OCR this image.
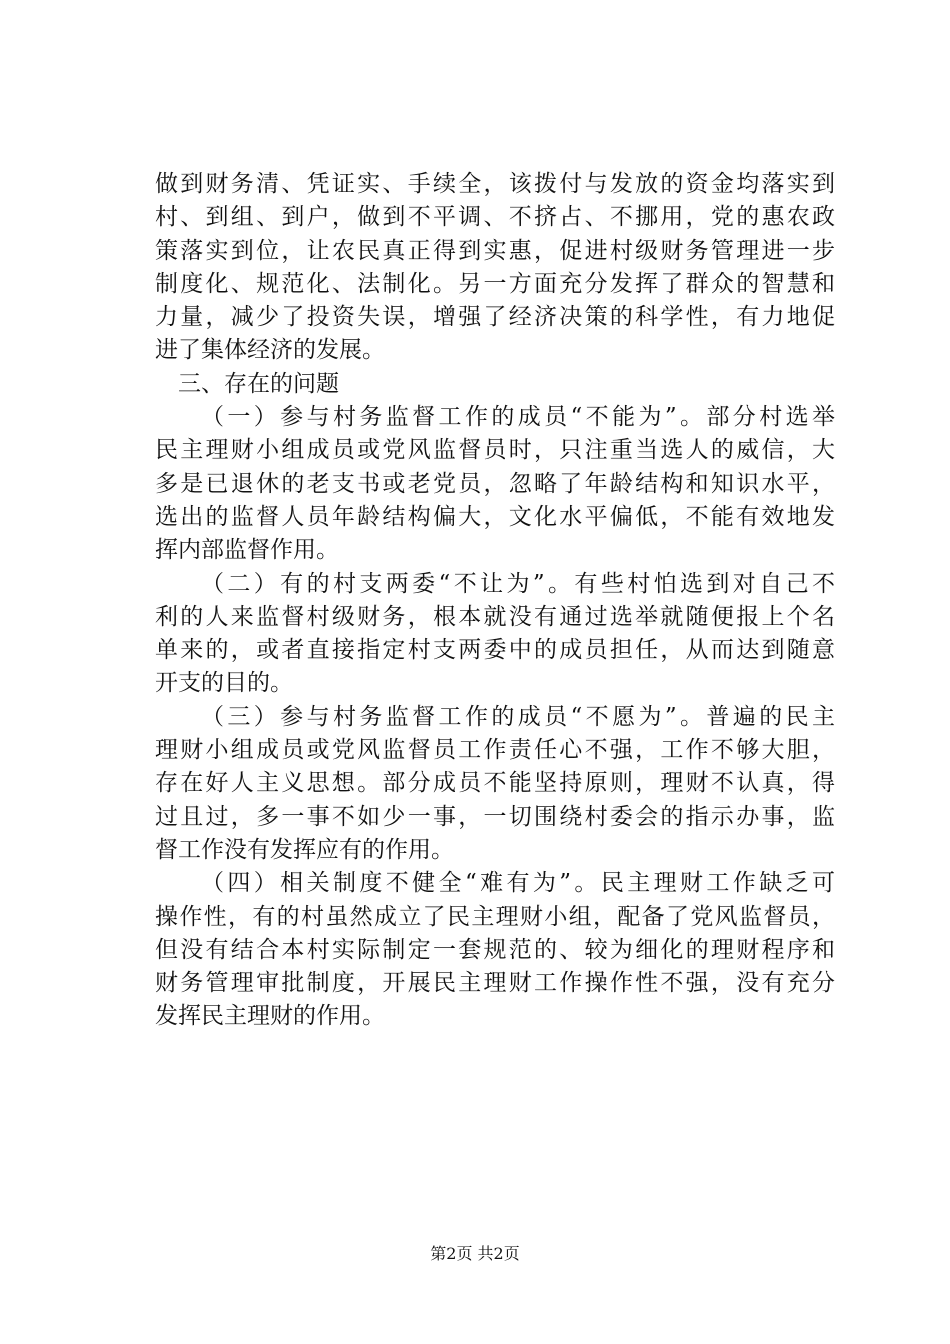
做到财务清、凭证实、手续全，该拨付与发放的资金均落实到
村、到组、到户，做到不平调、不挤占、不挪用，党的惠农政
策落实到位，让农民真正得到实惠，促进村级财务管理进一步
制度化、规范化、法制化。另一方面充分发挥了群众的智慧和
力量，减少了投资失误，增强了经济决策的科学性，有力地促
进了集体经济的发展。
三、存在的问题
（一）参与村务监督工作的成员“不能为”。部分村选举
民主理财小组成员或党风监督员时，只注重当选人的威信，大
多是已退休的老支书或老党员，忽略了年龄结构和知识水平，
选出的监督人员年龄结构偏大，文化水平偏低，不能有效地发
挥内部监督作用。
（二）有的村支两委“不让为”。有些村怕选到对自己不
利的人来监督村级财务，根本就没有通过选举就随便报上个名
单来的，或者直接指定村支两委中的成员担任，从而达到随意
开支的目的。
（三）参与村务监督工作的成员“不愿为”。普遍的民主
理财小组成员或党风监督员工作责任心不强，工作不够大胆，
存在好人主义思想。部分成员不能坚持原则，理财不认真，得
过且过，多一事不如少一事，一切围绕村委会的指示办事，监
督工作没有发挥应有的作用。
（四）相关制度不健全“难有为”。民主理财工作缺乏可
操作性，有的村虽然成立了民主理财小组，配备了党风监督员，
但没有结合本村实际制定一套规范的、较为细化的理财程序和
财务管理审批制度，开展民主理财工作操作性不强，没有充分
发挥民主理财的作用。
第2页 共2页
